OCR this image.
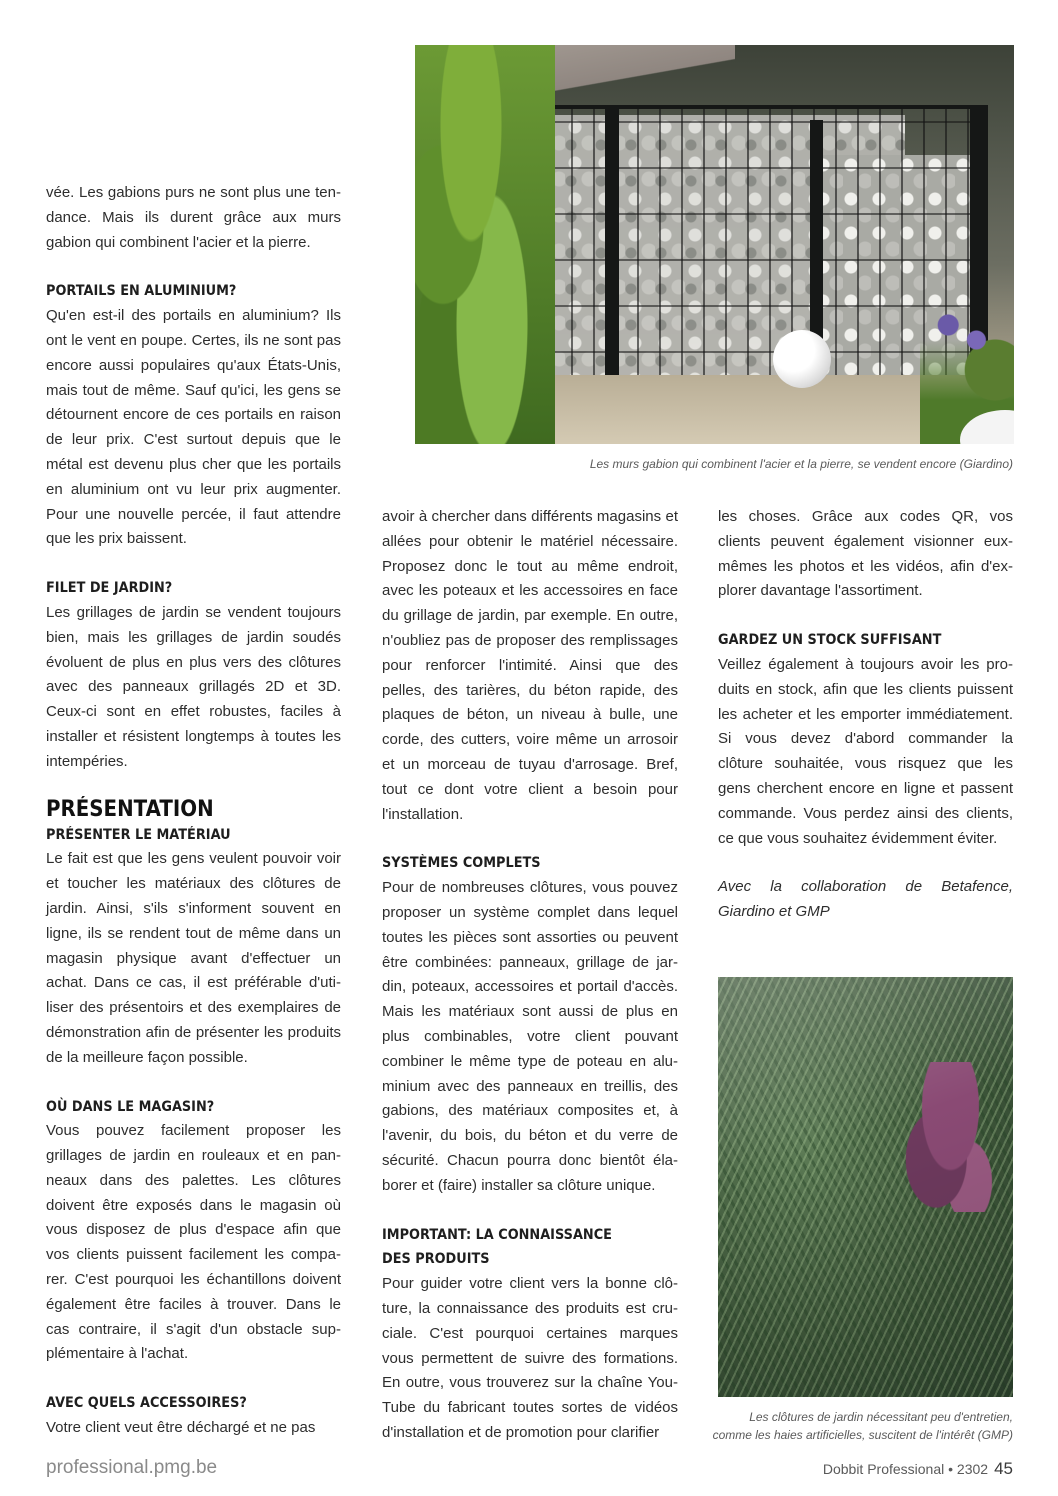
vée. Les gabions purs ne sont plus une tendance. Mais ils durent grâce aux murs gabion qui combinent l'acier et la pierre.

PORTAILS EN ALUMINIUM?

Qu'en est-il des portails en aluminium? Ils ont le vent en poupe. Certes, ils ne sont pas encore aussi populaires qu'aux États-Unis, mais tout de même. Sauf qu'ici, les gens se détournent encore de ces portails en raison de leur prix. C'est surtout depuis que le métal est devenu plus cher que les portails en aluminium ont vu leur prix augmenter. Pour une nouvelle percée, il faut attendre que les prix baissent.

FILET DE JARDIN?

Les grillages de jardin se vendent toujours bien, mais les grillages de jardin soudés évoluent de plus en plus vers des clôtures avec des panneaux grillagés 2D et 3D. Ceux-ci sont en effet robustes, faciles à installer et résistent longtemps à toutes les intempéries.

PRÉSENTATION
PRÉSENTER LE MATÉRIAU

Le fait est que les gens veulent pouvoir voir et toucher les matériaux des clôtures de jardin. Ainsi, s'ils s'informent souvent en ligne, ils se rendent tout de même dans un magasin physique avant d'effectuer un achat. Dans ce cas, il est préférable d'utiliser des présentoirs et des exemplaires de démonstration afin de présenter les produits de la meilleure façon possible.

OÙ DANS LE MAGASIN?

Vous pouvez facilement proposer les grillages de jardin en rouleaux et en panneaux dans des palettes. Les clôtures doivent être exposés dans le magasin où vous disposez de plus d'espace afin que vos clients puissent facilement les comparer. C'est pourquoi les échantillons doivent également être faciles à trouver. Dans le cas contraire, il s'agit d'un obstacle supplémentaire à l'achat.

AVEC QUELS ACCESSOIRES?

Votre client veut être déchargé et ne pas

Les murs gabion qui combinent l'acier et la pierre, se vendent encore (Giardino)

avoir à chercher dans différents magasins et allées pour obtenir le matériel nécessaire. Proposez donc le tout au même endroit, avec les poteaux et les accessoires en face du grillage de jardin, par exemple. En outre, n'oubliez pas de proposer des remplissages pour renforcer l'intimité. Ainsi que des pelles, des tarières, du béton rapide, des plaques de béton, un niveau à bulle, une corde, des cutters, voire même un arrosoir et un morceau de tuyau d'arrosage. Bref, tout ce dont votre client a besoin pour l'installation.

SYSTÈMES COMPLETS

Pour de nombreuses clôtures, vous pouvez proposer un système complet dans lequel toutes les pièces sont assorties ou peuvent être combinées: panneaux, grillage de jardin, poteaux, accessoires et portail d'accès. Mais les matériaux sont aussi de plus en plus combinables, votre client pouvant combiner le même type de poteau en aluminium avec des panneaux en treillis, des gabions, des matériaux composites et, à l'avenir, du bois, du béton et du verre de sécurité. Chacun pourra donc bientôt élaborer et (faire) installer sa clôture unique.

IMPORTANT: LA CONNAISSANCE
DES PRODUITS

Pour guider votre client vers la bonne clôture, la connaissance des produits est cruciale. C'est pourquoi certaines marques vous permettent de suivre des formations. En outre, vous trouverez sur la chaîne YouTube du fabricant toutes sortes de vidéos d'installation et de promotion pour clarifier

les choses. Grâce aux codes QR, vos clients peuvent également visionner eux-mêmes les photos et les vidéos, afin d'explorer davantage l'assortiment.

GARDEZ UN STOCK SUFFISANT

Veillez également à toujours avoir les produits en stock, afin que les clients puissent les acheter et les emporter immédiatement. Si vous devez d'abord commander la clôture souhaitée, vous risquez que les gens cherchent encore en ligne et passent commande. Vous perdez ainsi des clients, ce que vous souhaitez évidemment éviter.

Avec la collaboration de Betafence, Giardino et GMP

Les clôtures de jardin nécessitant peu d'entretien,
comme les haies artificielles, suscitent de l'intérêt (GMP)
professional.pmg.be	Dobbit Professional • 2302 45
